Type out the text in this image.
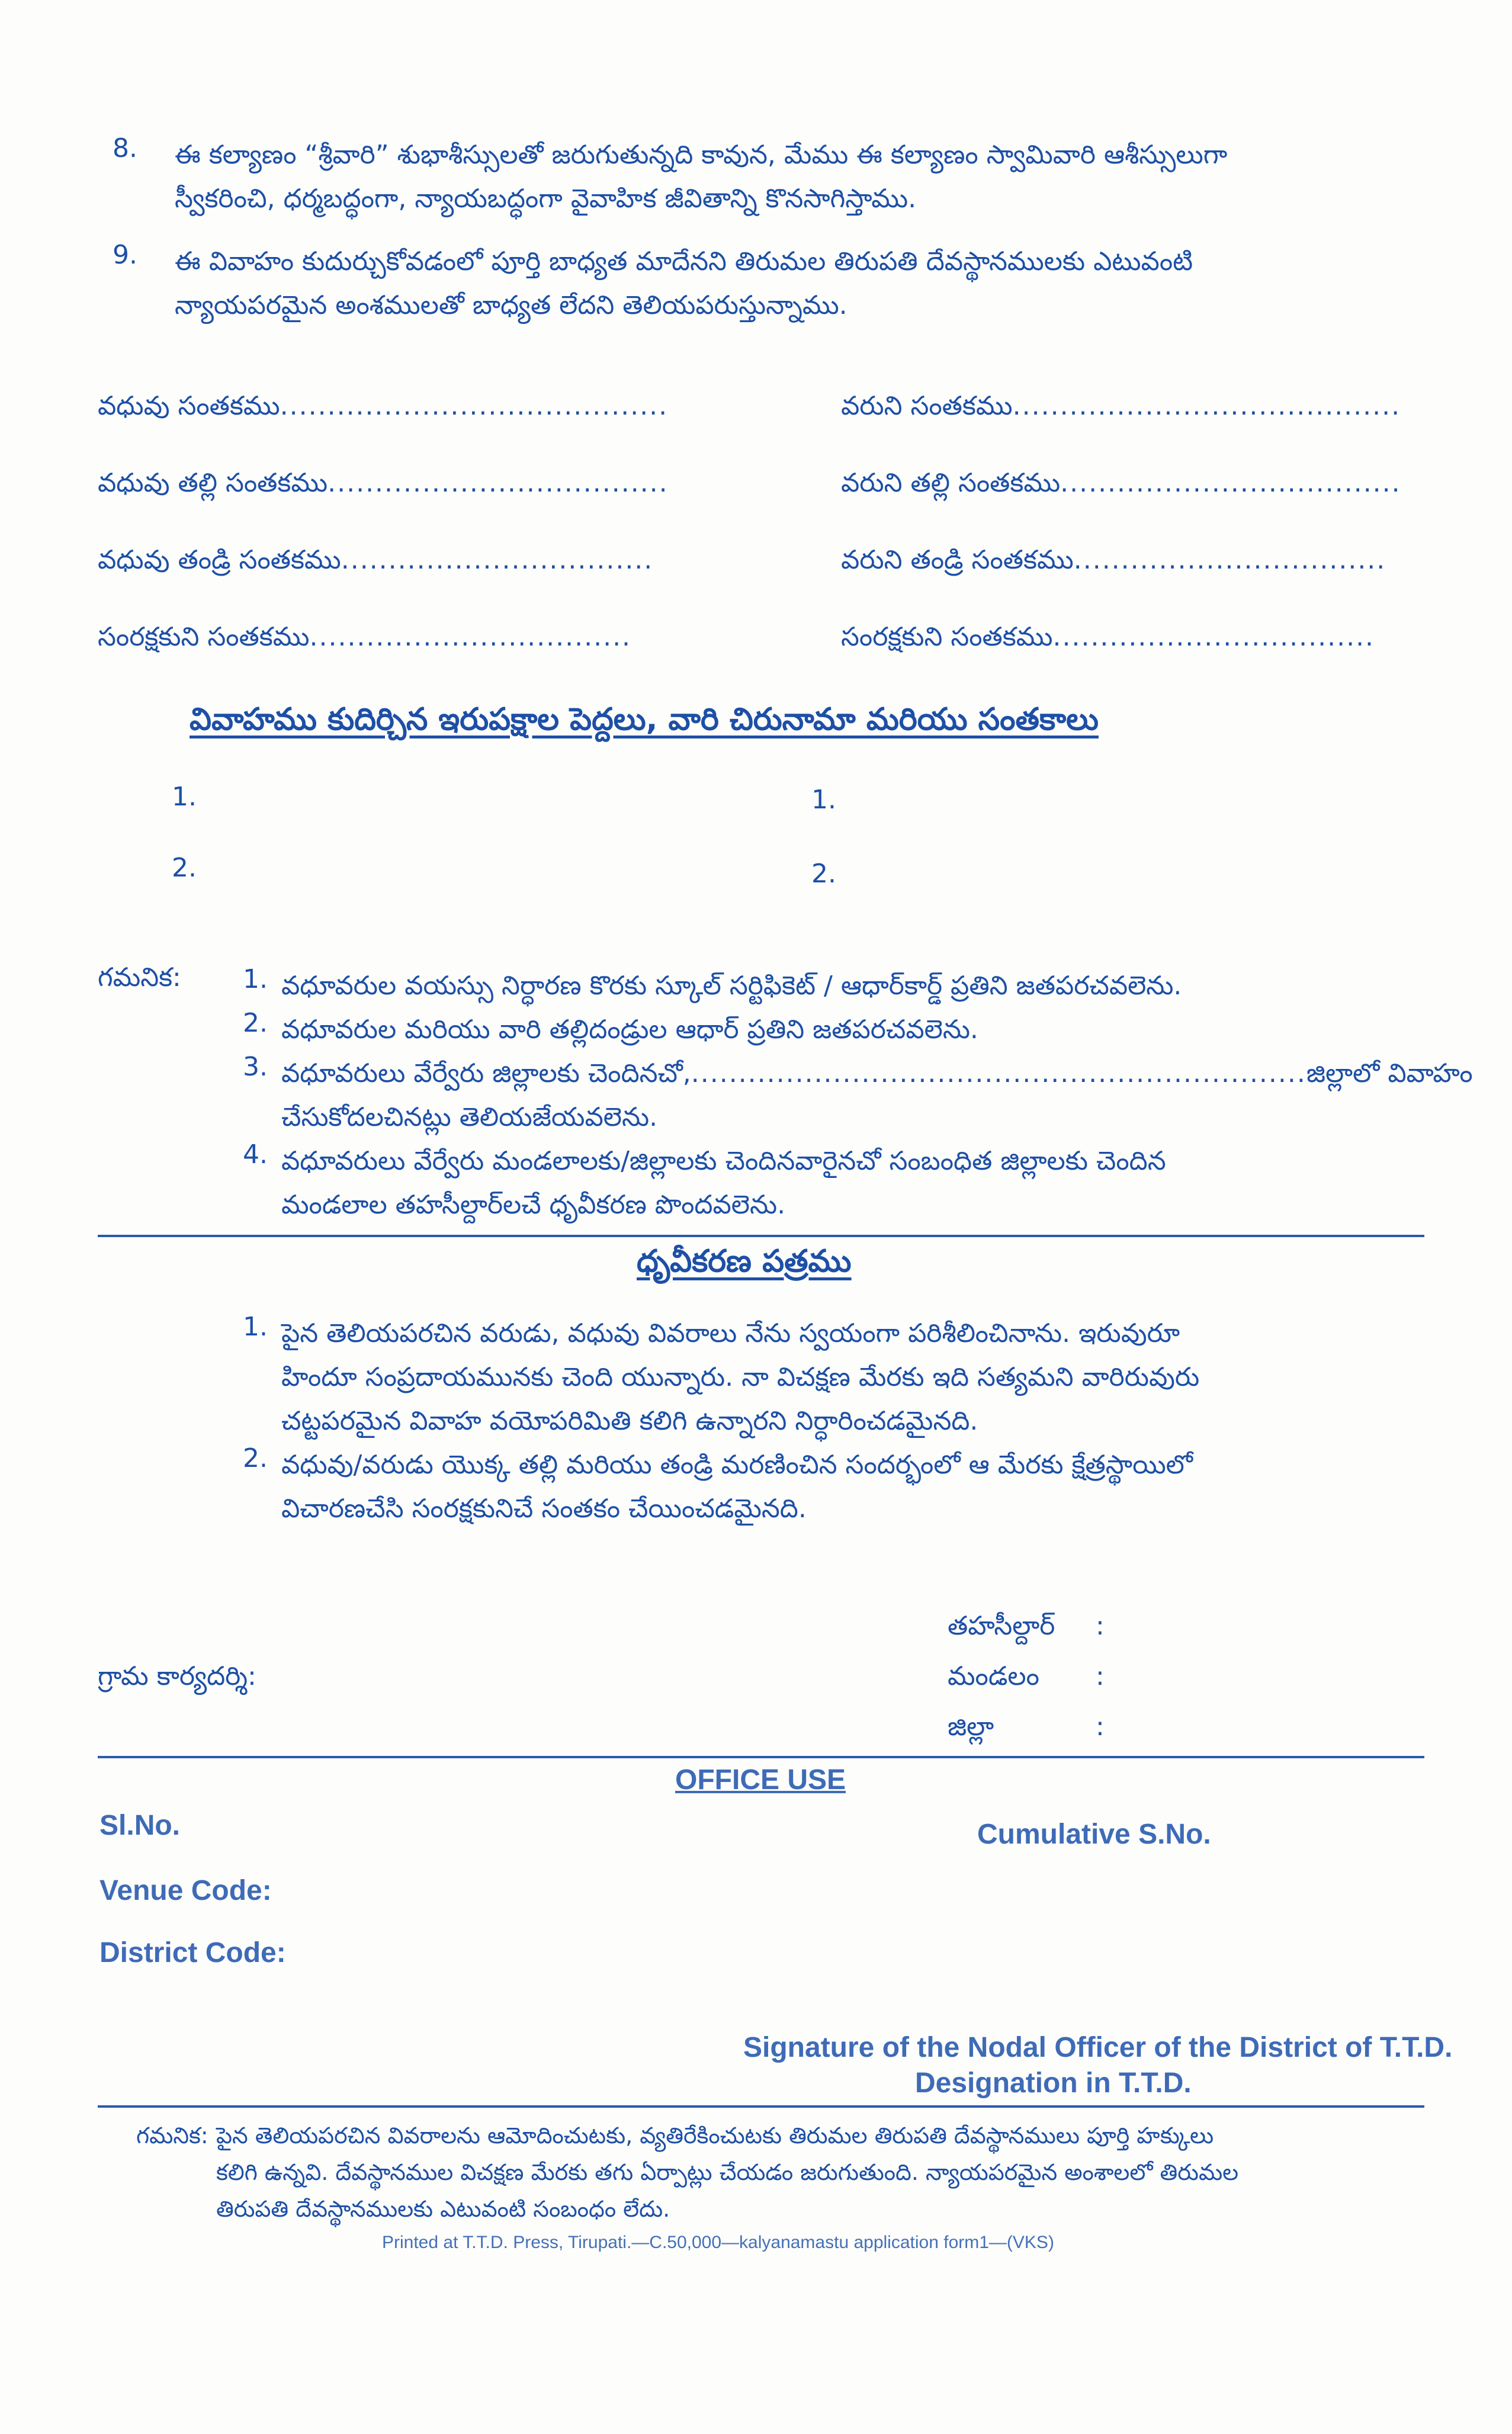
8. ఈ కల్యాణం “శ్రీవారి” శుభాశీస్సులతో జరుగుతున్నది కావున, మేము ఈ కల్యాణం స్వామివారి ఆశీస్సులుగా
స్వీకరించి, ధర్మబద్ధంగా, న్యాయబద్ధంగా వైవాహిక జీవితాన్ని కొనసాగిస్తాము.
9. ఈ వివాహం కుదుర్చుకోవడంలో పూర్తి బాధ్యత మాదేనని తిరుమల తిరుపతి దేవస్థానములకు ఎటువంటి
న్యాయపరమైన అంశములతో బాధ్యత లేదని తెలియపరుస్తున్నాము.
వధువు సంతకము.........................................	వరుని సంతకము.........................................
వధువు తల్లి సంతకము....................................	వరుని తల్లి సంతకము....................................
వధువు తండ్రి సంతకము.................................	వరుని తండ్రి సంతకము.................................
సంరక్షకుని సంతకము..................................	సంరక్షకుని సంతకము..................................
వివాహము కుదిర్చిన ఇరుపక్షాల పెద్దలు, వారి చిరునామా మరియు సంతకాలు
1.
2.
1.
2.
గమనిక: 1. వధూవరుల వయస్సు నిర్ధారణ కొరకు స్కూల్ సర్టిఫికెట్ / ఆధార్‌కార్డ్ ప్రతిని జతపరచవలెను.
2. వధూవరుల మరియు వారి తల్లిదండ్రుల ఆధార్ ప్రతిని జతపరచవలెను.
3. వధూవరులు వేర్వేరు జిల్లాలకు చెందినచో,.................................................................జిల్లాలో వివాహం
చేసుకోదలచినట్లు తెలియజేయవలెను.
4. వధూవరులు వేర్వేరు మండలాలకు/జిల్లాలకు చెందినవారైనచో సంబంధిత జిల్లాలకు చెందిన
మండలాల తహసీల్దార్‌లచే ధృవీకరణ పొందవలెను.
ధృవీకరణ పత్రము
1. పైన తెలియపరచిన వరుడు, వధువు వివరాలు నేను స్వయంగా పరిశీలించినాను. ఇరువురూ
హిందూ సంప్రదాయమునకు చెంది యున్నారు. నా విచక్షణ మేరకు ఇది సత్యమని వారిరువురు
చట్టపరమైన వివాహ వయోపరిమితి కలిగి ఉన్నారని నిర్ధారించడమైనది.
2. వధువు/వరుడు యొక్క తల్లి మరియు తండ్రి మరణించిన సందర్భంలో ఆ మేరకు క్షేత్రస్థాయిలో
విచారణచేసి సంరక్షకునిచే సంతకం చేయించడమైనది.
గ్రామ కార్యదర్శి:
తహసీల్దార్ :
మండలం :
జిల్లా	:
OFFICE USE
Sl.No.	Cumulative S.No.
Venue Code:
District Code:
Signature of the Nodal Officer of the District of T.T.D.
Designation in T.T.D.
గమనిక: పైన తెలియపరచిన వివరాలను ఆమోదించుటకు, వ్యతిరేకించుటకు తిరుమల తిరుపతి దేవస్థానములు పూర్తి హక్కులు
కలిగి ఉన్నవి. దేవస్థానముల విచక్షణ మేరకు తగు ఏర్పాట్లు చేయడం జరుగుతుంది. న్యాయపరమైన అంశాలలో తిరుమల
తిరుపతి దేవస్థానములకు ఎటువంటి సంబంధం లేదు.
Printed at T.T.D. Press, Tirupati.—C.50,000—kalyanamastu application form1—(VKS)
